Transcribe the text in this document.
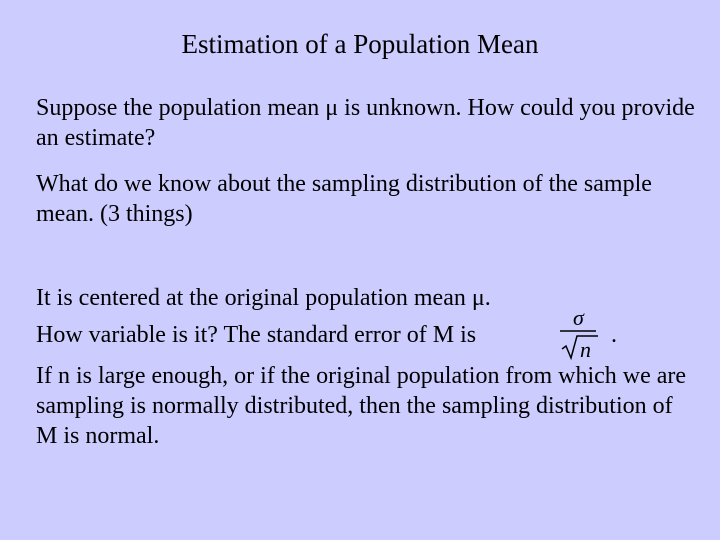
Estimation of a Population Mean

Suppose the population mean μ is unknown. How could you provide an estimate?

What do we know about the sampling distribution of the sample mean. (3 things)

It is centered at the original population mean μ.

How variable is it? The standard error of M is

σ
n
.

If n is large enough, or if the original population from which we are sampling is normally distributed, then the sampling distribution of M is normal.
